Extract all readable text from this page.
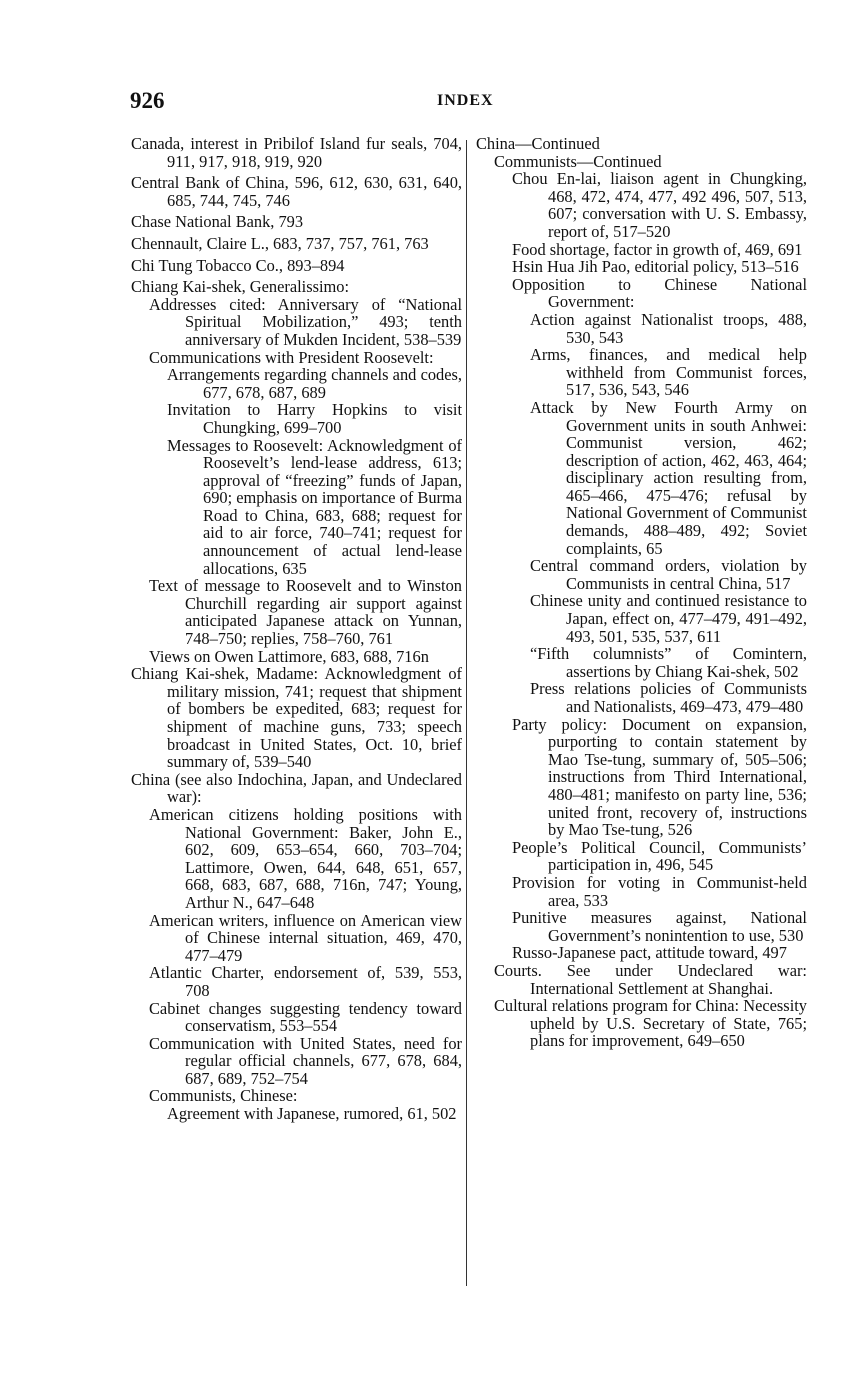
926	INDEX

Canada, interest in Pribilof Island fur seals, 704, 911, 917, 918, 919, 920

Central Bank of China, 596, 612, 630, 631, 640, 685, 744, 745, 746

Chase National Bank, 793

Chennault, Claire L., 683, 737, 757, 761, 763

Chi Tung Tobacco Co., 893–894

Chiang Kai-shek, Generalissimo:

Addresses cited: Anniversary of “National Spiritual Mobilization,” 493; tenth anniversary of Mukden Incident, 538–539

Communications with President Roosevelt:

Arrangements regarding channels and codes, 677, 678, 687, 689

Invitation to Harry Hopkins to visit Chungking, 699–700

Messages to Roosevelt: Acknowledgment of Roosevelt’s lend-lease address, 613; approval of “freezing” funds of Japan, 690; emphasis on importance of Burma Road to China, 683, 688; request for aid to air force, 740–741; request for announcement of actual lend-lease allocations, 635

Text of message to Roosevelt and to Winston Churchill regarding air support against anticipated Japanese attack on Yunnan, 748–750; replies, 758–760, 761

Views on Owen Lattimore, 683, 688, 716n

Chiang Kai-shek, Madame: Acknowledgment of military mission, 741; request that shipment of bombers be expedited, 683; request for shipment of machine guns, 733; speech broadcast in United States, Oct. 10, brief summary of, 539–540

China (see also Indochina, Japan, and Undeclared war):

American citizens holding positions with National Government: Baker, John E., 602, 609, 653–654, 660, 703–704; Lattimore, Owen, 644, 648, 651, 657, 668, 683, 687, 688, 716n, 747; Young, Arthur N., 647–648

American writers, influence on American view of Chinese internal situation, 469, 470, 477–479

Atlantic Charter, endorsement of, 539, 553, 708

Cabinet changes suggesting tendency toward conservatism, 553–554

Communication with United States, need for regular official channels, 677, 678, 684, 687, 689, 752–754

Communists, Chinese:

Agreement with Japanese, rumored, 61, 502

China—Continued

Communists—Continued

Chou En-lai, liaison agent in Chungking, 468, 472, 474, 477, 492 496, 507, 513, 607; conversation with U. S. Embassy, report of, 517–520

Food shortage, factor in growth of, 469, 691

Hsin Hua Jih Pao, editorial policy, 513–516

Opposition to Chinese National Government:

Action against Nationalist troops, 488, 530, 543

Arms, finances, and medical help withheld from Communist forces, 517, 536, 543, 546

Attack by New Fourth Army on Government units in south Anhwei: Communist version, 462; description of action, 462, 463, 464; disciplinary action resulting from, 465–466, 475–476; refusal by National Government of Communist demands, 488–489, 492; Soviet complaints, 65

Central command orders, violation by Communists in central China, 517

Chinese unity and continued resistance to Japan, effect on, 477–479, 491–492, 493, 501, 535, 537, 611

“Fifth columnists” of Comintern, assertions by Chiang Kai-shek, 502

Press relations policies of Communists and Nationalists, 469–473, 479–480

Party policy: Document on expansion, purporting to contain statement by Mao Tse-tung, summary of, 505–506; instructions from Third International, 480–481; manifesto on party line, 536; united front, recovery of, instructions by Mao Tse-tung, 526

People’s Political Council, Communists’ participation in, 496, 545

Provision for voting in Communist-held area, 533

Punitive measures against, National Government’s nonintention to use, 530

Russo-Japanese pact, attitude toward, 497

Courts. See under Undeclared war: International Settlement at Shanghai.

Cultural relations program for China: Necessity upheld by U.S. Secretary of State, 765; plans for improvement, 649–650
